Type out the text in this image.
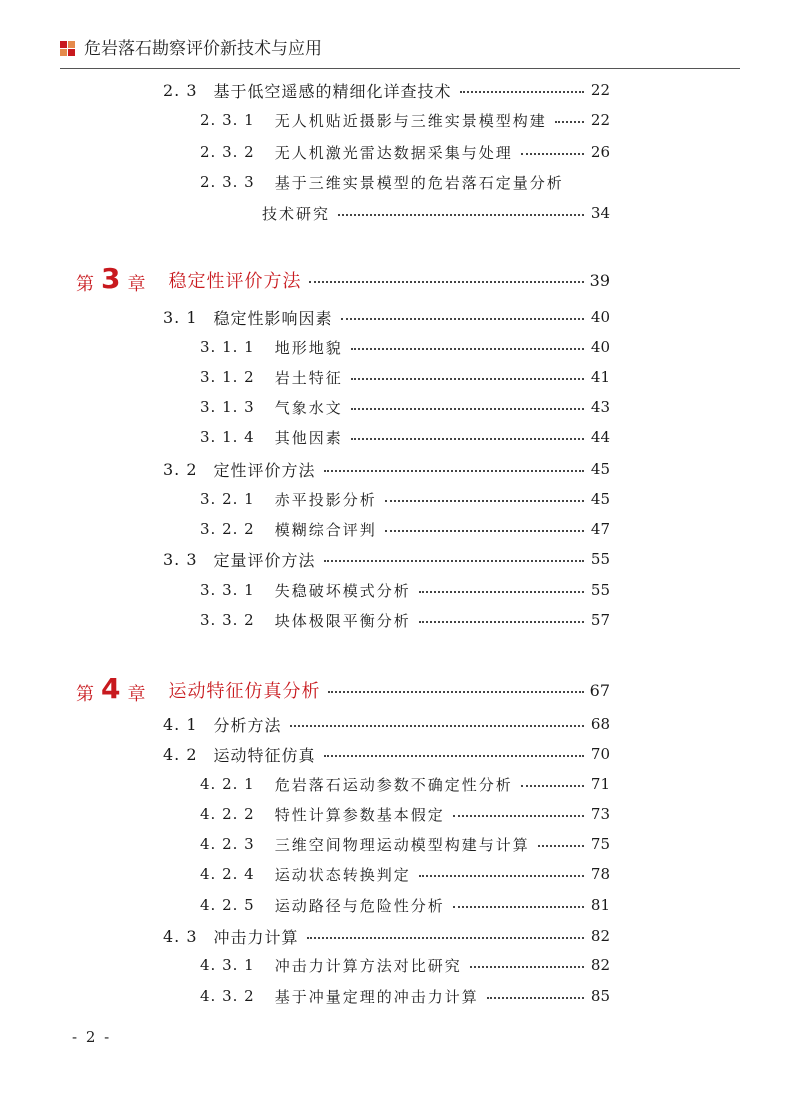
危岩落石勘察评价新技术与应用
2. 3 基于低空遥感的精细化详查技术	22
2. 3. 1 无人机贴近摄影与三维实景模型构建	22
2. 3. 2 无人机激光雷达数据采集与处理	26
2. 3. 3 基于三维实景模型的危岩落石定量分析
技术研究	34
第 3 章 稳定性评价方法	39
3. 1 稳定性影响因素	40
3. 1. 1 地形地貌	40
3. 1. 2 岩土特征	41
3. 1. 3 气象水文	43
3. 1. 4 其他因素	44
3. 2 定性评价方法	45
3. 2. 1 赤平投影分析	45
3. 2. 2 模糊综合评判	47
3. 3 定量评价方法	55
3. 3. 1 失稳破坏模式分析	55
3. 3. 2 块体极限平衡分析	57
第 4 章 运动特征仿真分析	67
4. 1 分析方法	68
4. 2 运动特征仿真	70
4. 2. 1 危岩落石运动参数不确定性分析	71
4. 2. 2 特性计算参数基本假定	73
4. 2. 3 三维空间物理运动模型构建与计算	75
4. 2. 4 运动状态转换判定	78
4. 2. 5 运动路径与危险性分析	81
4. 3 冲击力计算	82
4. 3. 1 冲击力计算方法对比研究	82
4. 3. 2 基于冲量定理的冲击力计算	85
- 2 -
